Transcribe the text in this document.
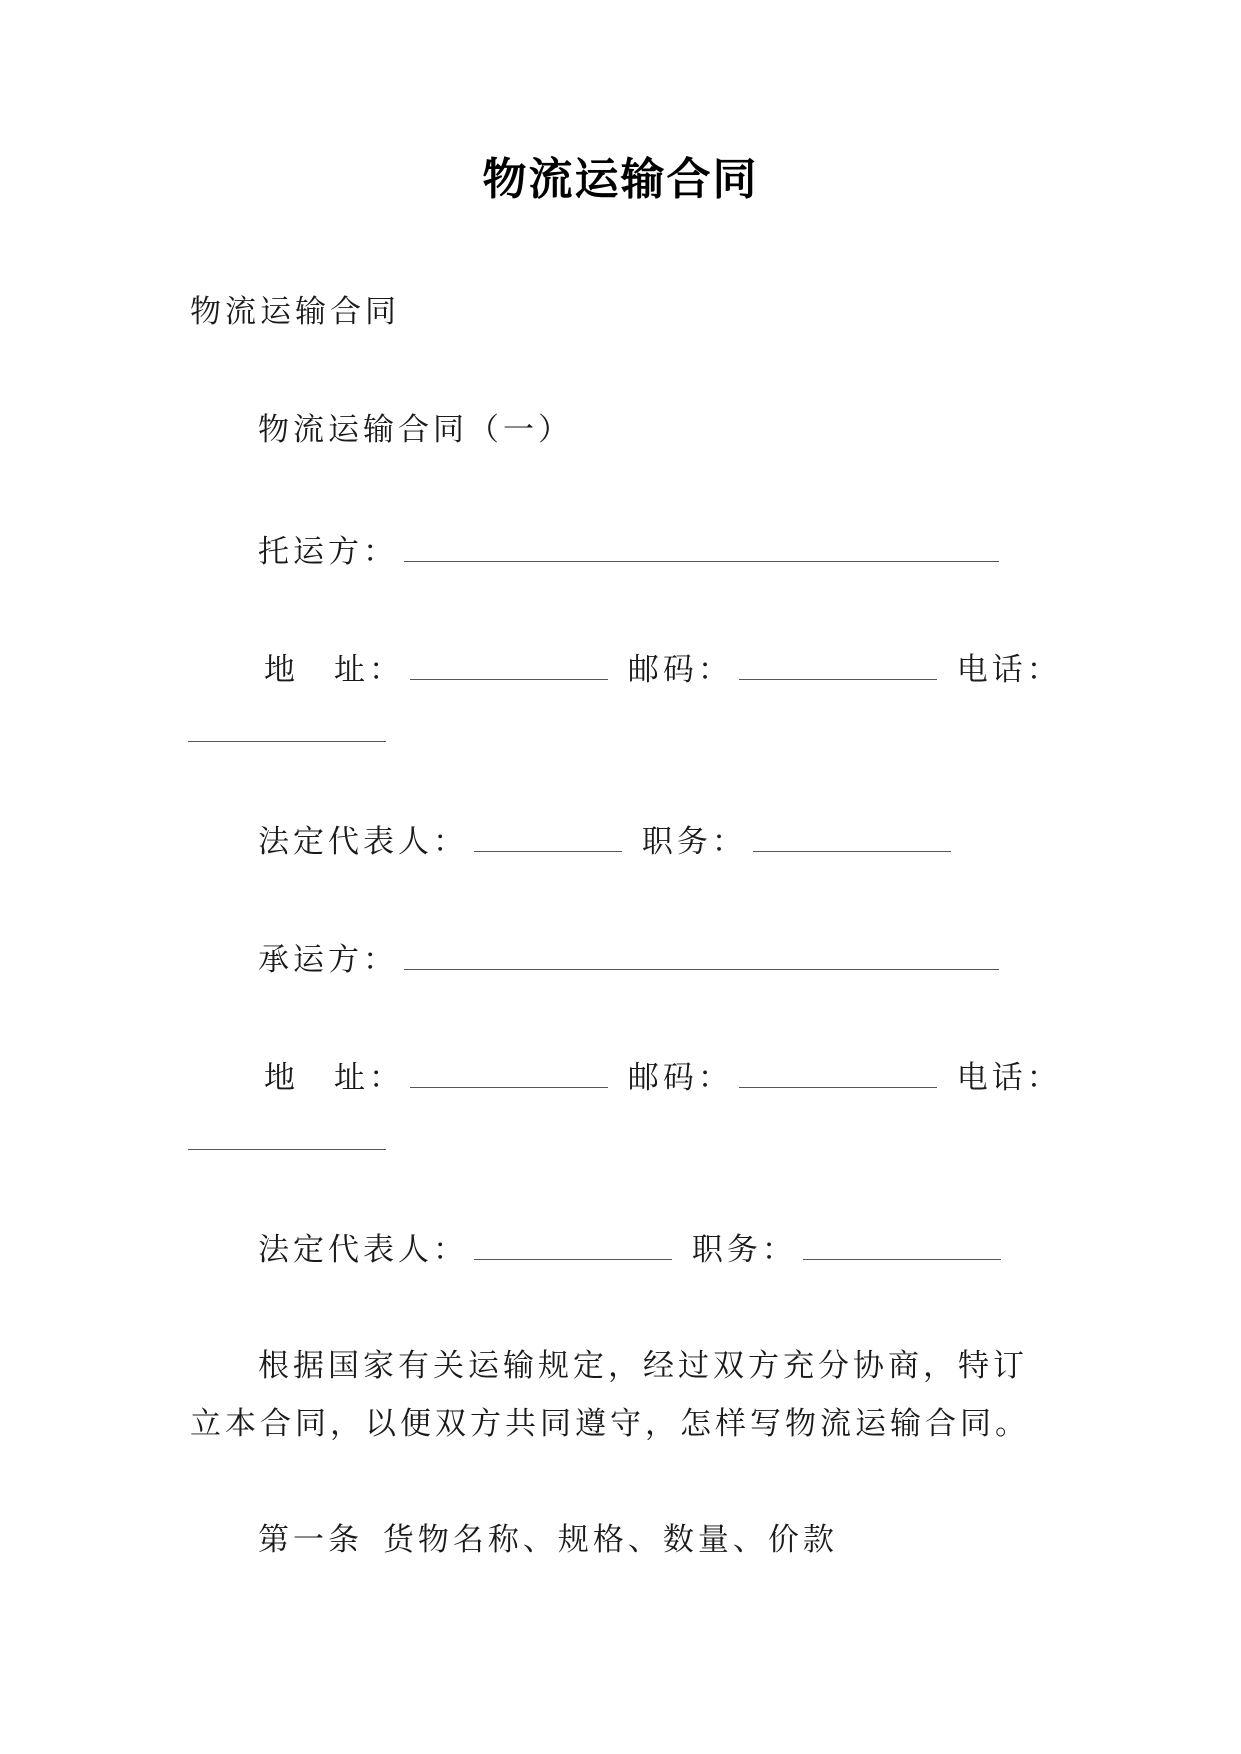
物流运输合同
物流运输合同
物流运输合同（一）
托运方：
地　址：	邮码：	电话：
法定代表人：	职务：
承运方：
地　址：	邮码：	电话：
法定代表人：	职务：
根据国家有关运输规定，经过双方充分协商，特订立本合同，以便双方共同遵守，怎样写物流运输合同。
第一条 货物名称、规格、数量、价款
